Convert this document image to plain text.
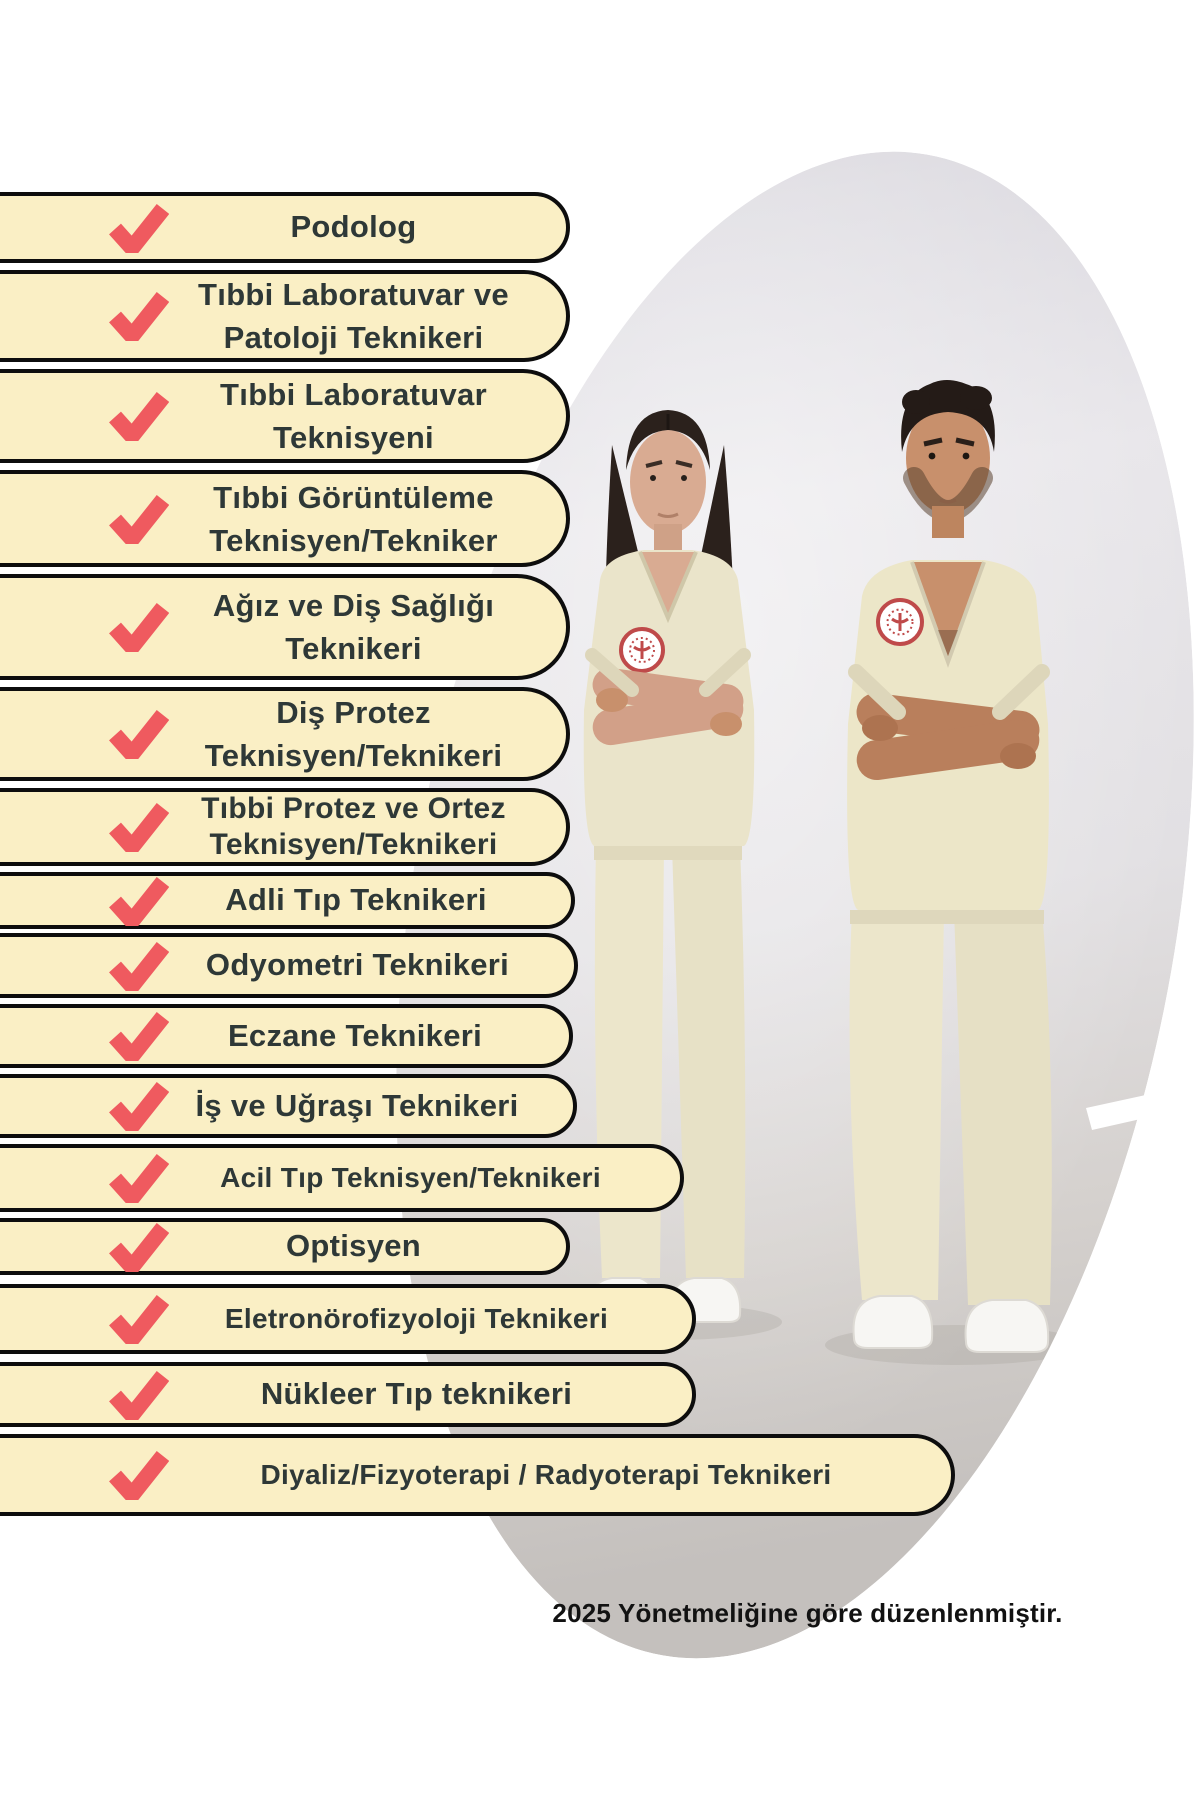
Podolog
Tıbbi Laboratuvar ve
Patoloji Teknikeri
Tıbbi Laboratuvar
Teknisyeni
Tıbbi Görüntüleme
Teknisyen/Tekniker
Ağız ve Diş Sağlığı
Teknikeri
Diş Protez
Teknisyen/Teknikeri
Tıbbi Protez ve Ortez
Teknisyen/Teknikeri
Adli Tıp Teknikeri
Odyometri Teknikeri
Eczane Teknikeri
İş ve Uğraşı Teknikeri
Acil Tıp Teknisyen/Teknikeri
Optisyen
Eletronörofizyoloji Teknikeri
Nükleer Tıp teknikeri
Diyaliz/Fizyoterapi / Radyoterapi Teknikeri
2025 Yönetmeliğine göre düzenlenmiştir.
